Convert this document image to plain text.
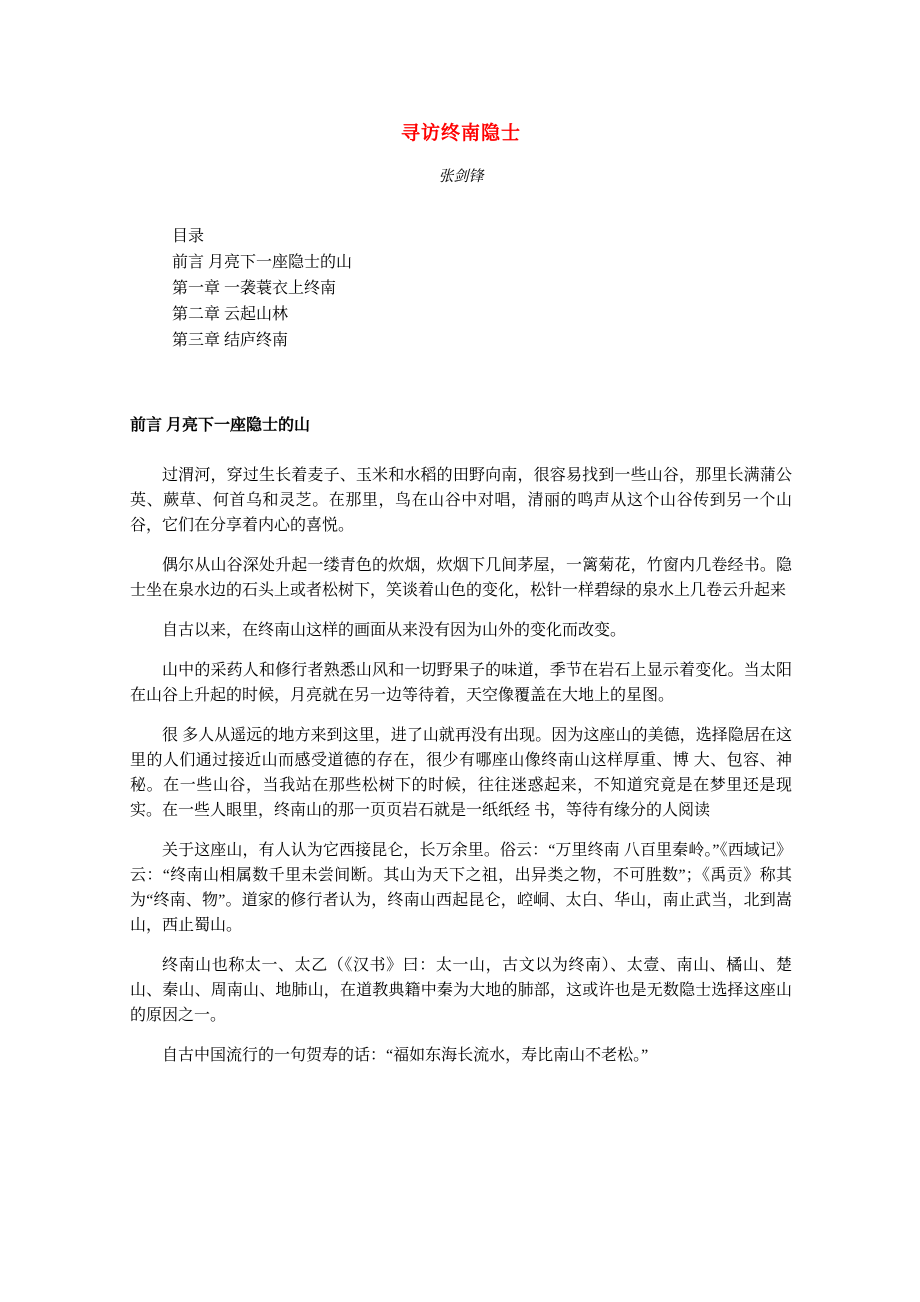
寻访终南隐士
张剑锋
目录
前言 月亮下一座隐士的山
第一章 一袭蓑衣上终南
第二章 云起山林
第三章 结庐终南
前言 月亮下一座隐士的山

过渭河，穿过生长着麦子、玉米和水稻的田野向南，很容易找到一些山谷，那里长满蒲公英、蕨草、何首乌和灵芝。在那里，鸟在山谷中对唱，清丽的鸣声从这个山谷传到另一个山谷，它们在分享着内心的喜悦。

偶尔从山谷深处升起一缕青色的炊烟，炊烟下几间茅屋，一篱菊花，竹窗内几卷经书。隐士坐在泉水边的石头上或者松树下，笑谈着山色的变化，松针一样碧绿的泉水上几卷云升起来

自古以来，在终南山这样的画面从来没有因为山外的变化而改变。

山中的采药人和修行者熟悉山风和一切野果子的味道，季节在岩石上显示着变化。当太阳在山谷上升起的时候，月亮就在另一边等待着，天空像覆盖在大地上的星图。

很 多人从遥远的地方来到这里，进了山就再没有出现。因为这座山的美德，选择隐居在这里的人们通过接近山而感受道德的存在，很少有哪座山像终南山这样厚重、博 大、包容、神秘。在一些山谷，当我站在那些松树下的时候，往往迷惑起来，不知道究竟是在梦里还是现实。在一些人眼里，终南山的那一页页岩石就是一纸纸经 书，等待有缘分的人阅读

关于这座山，有人认为它西接昆仑，长万余里。俗云：“万里终南 八百里秦岭。”《西域记》云：“终南山相属数千里未尝间断。其山为天下之祖，出异类之物，不可胜数”；《禹贡》称其为“终南、物”。道家的修行者认为，终南山西起昆仑，崆峒、太白、华山，南止武当，北到嵩山，西止蜀山。

终南山也称太一、太乙（《汉书》曰：太一山，古文以为终南）、太壹、南山、橘山、楚山、秦山、周南山、地肺山，在道教典籍中秦为大地的肺部，这或许也是无数隐士选择这座山的原因之一。

自古中国流行的一句贺寿的话：“福如东海长流水，寿比南山不老松。”
